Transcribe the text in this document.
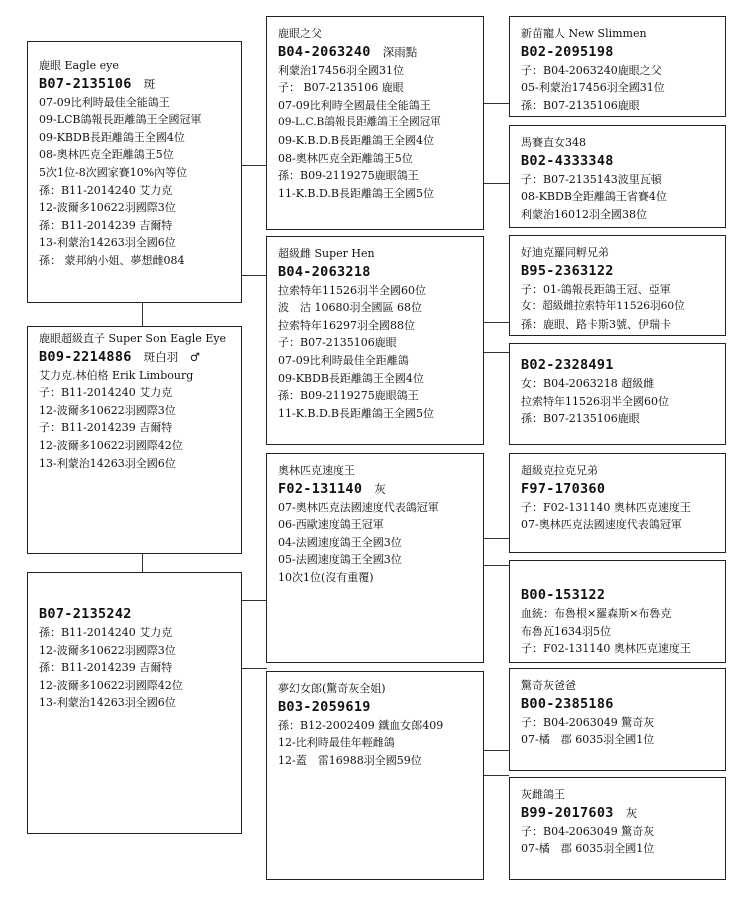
鹿眼 Eagle eye
B07-2135106 斑
07-09比利時最佳全能鴿王
09-LCB鴿報長距離鴿王全國冠軍
09-KBDB長距離鴿王全國4位
08-奧林匹克全距離鴿王5位
5次1位-8次國家賽10%內等位
孫：B11-2014240 艾力克
12-波爾多10622羽國際3位
孫：B11-2014239 吉爾特
13-利蒙治14263羽全國6位
孫： 蒙邦納小姐、夢想雌084
鹿眼超級直子 Super Son Eagle Eye
B09-2214886 斑白羽　♂
艾力克.林伯格 Erik Limbourg
子：B11-2014240 艾力克
12-波爾多10622羽國際3位
子：B11-2014239 吉爾特
12-波爾多10622羽國際42位
13-利蒙治14263羽全國6位
B07-2135242
孫：B11-2014240 艾力克
12-波爾多10622羽國際3位
孫：B11-2014239 吉爾特
12-波爾多10622羽國際42位
13-利蒙治14263羽全國6位
鹿眼之父
B04-2063240 深雨點
利蒙治17456羽全國31位
子： B07-2135106 鹿眼
07-09比利時全國最佳全能鴿王
09-L.C.B鴿報長距離鴿王全國冠軍
09-K.B.D.B長距離鴿王全國4位
08-奧林匹克全距離鴿王5位
孫：B09-2119275鹿眼鴿王
11-K.B.D.B長距離鴿王全國5位
超級雌 Super Hen
B04-2063218
拉索特年11526羽半全國60位
波　沽 10680羽全國區 68位
拉索特年16297羽全國88位
子：B07-2135106鹿眼
07-09比利時最佳全距離鴿
09-KBDB長距離鴿王全國4位
孫：B09-2119275鹿眼鴿王
11-K.B.D.B長距離鴿王全國5位
奧林匹克速度王
F02-131140 灰
07-奧林匹克法國速度代表鴿冠軍
06-西歐速度鴿王冠軍
04-法國速度鴿王全國3位
05-法國速度鴿王全國3位
10次1位(沒有重覆)
夢幻女郎(驚奇灰全姐)
B03-2059619
孫：B12-2002409 鐵血女郎409
12-比利時最佳年輕雌鴿
12-蓋　雷16988羽全國59位
新苗寵人 New Slimmen
B02-2095198
子：B04-2063240鹿眼之父
05-利蒙治17456羽全國31位
孫：B07-2135106鹿眼
馬賽直女348
B02-4333348
子：B07-2135143波里瓦頓
08-KBDB全距離鴿王省賽4位
利蒙治16012羽全國38位
好迪克羅同孵兄弟
B95-2363122
子：01-鴿報長距鴿王冠、亞軍
女：超級雌拉索特年11526羽60位
孫：鹿眼、路卡斯3號、伊瑞卡
B02-2328491
女：B04-2063218 超級雌
拉索特年11526羽半全國60位
孫：B07-2135106鹿眼
超級克拉克兄弟
F97-170360
子：F02-131140 奧林匹克速度王
07-奧林匹克法國速度代表鴿冠軍
B00-153122
血統：布魯根×羅森斯×布魯克
布魯瓦1634羽5位
子：F02-131140 奧林匹克速度王
驚奇灰爸爸
B00-2385186
子：B04-2063049 驚奇灰
07-橘　郡 6035羽全國1位
灰雌鴿王
B99-2017603 灰
子：B04-2063049 驚奇灰
07-橘　郡 6035羽全國1位
